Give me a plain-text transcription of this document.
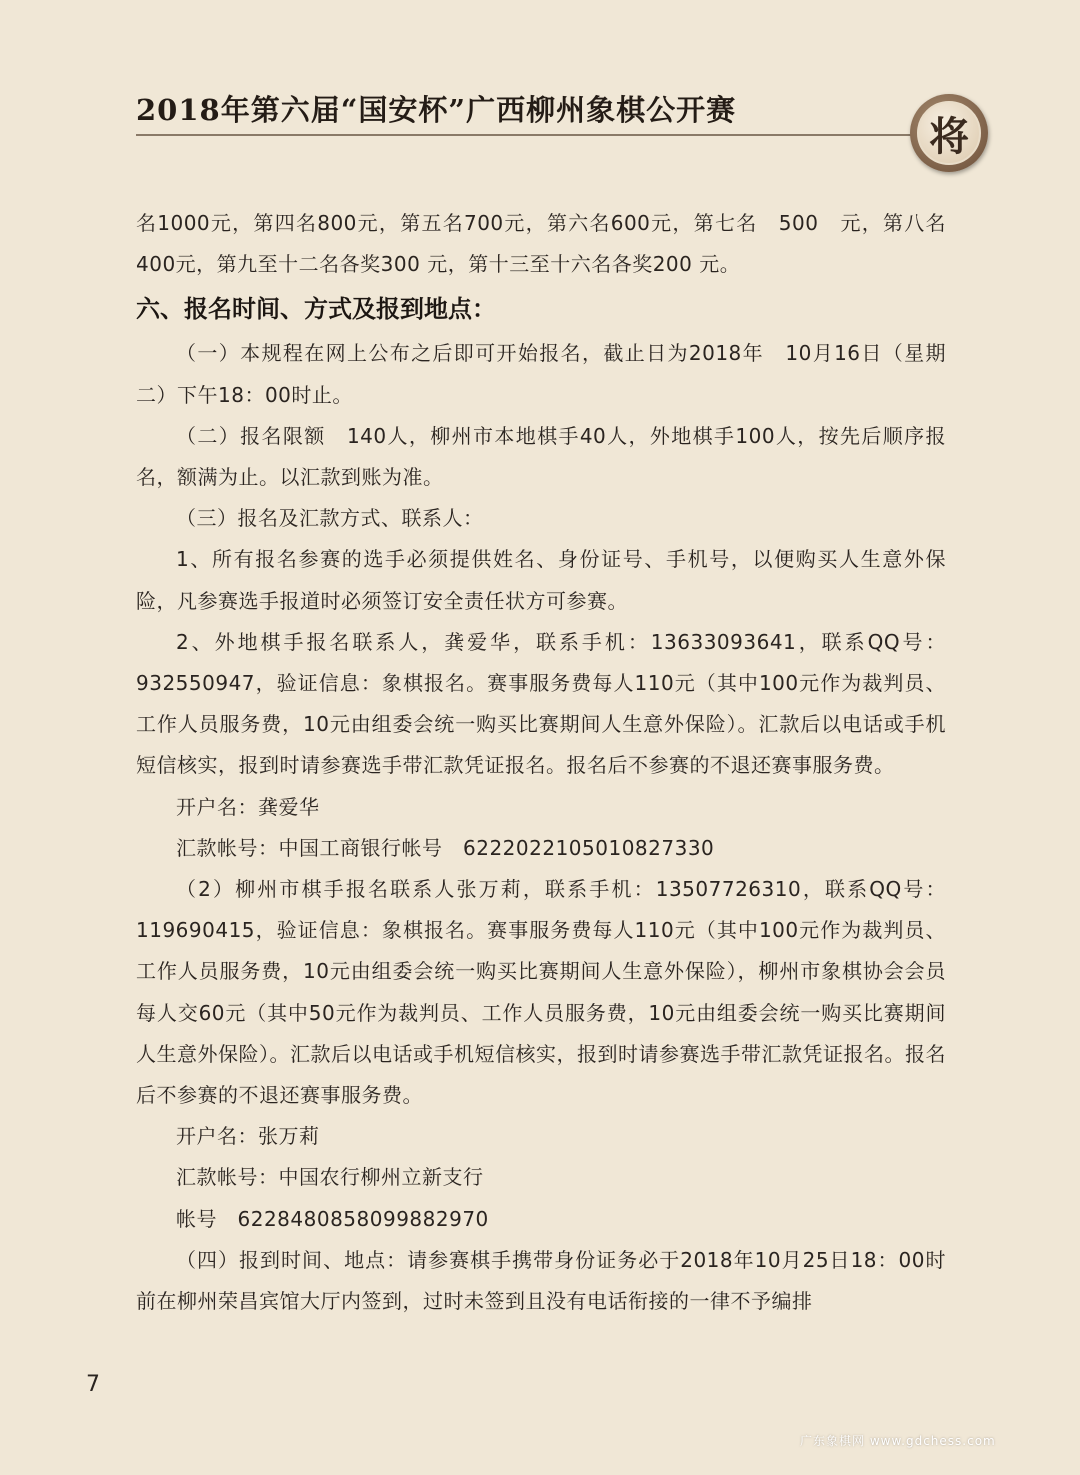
2018年第六届“国安杯”广西柳州象棋公开赛
将

名1000元，第四名800元，第五名700元，第六名600元，第七名　500　元，第八名400元，第九至十二名各奖300 元，第十三至十六名各奖200 元。

六、报名时间、方式及报到地点：

（一）本规程在网上公布之后即可开始报名，截止日为2018年　10月16日（星期二）下午18：00时止。

（二）报名限额　140人，柳州市本地棋手40人，外地棋手100人，按先后顺序报名，额满为止。以汇款到账为准。

（三）报名及汇款方式、联系人：

1、所有报名参赛的选手必须提供姓名、身份证号、手机号，以便购买人生意外保险，凡参赛选手报道时必须签订安全责任状方可参赛。

2、外地棋手报名联系人，龚爱华，联系手机：13633093641，联系QQ号：932550947，验证信息：象棋报名。赛事服务费每人110元（其中100元作为裁判员、工作人员服务费，10元由组委会统一购买比赛期间人生意外保险）。汇款后以电话或手机短信核实，报到时请参赛选手带汇款凭证报名。报名后不参赛的不退还赛事服务费。

开户名：龚爱华

汇款帐号：中国工商银行帐号　6222022105010827330

（2）柳州市棋手报名联系人张万莉，联系手机：13507726310，联系QQ号：119690415，验证信息：象棋报名。赛事服务费每人110元（其中100元作为裁判员、工作人员服务费，10元由组委会统一购买比赛期间人生意外保险），柳州市象棋协会会员每人交60元（其中50元作为裁判员、工作人员服务费，10元由组委会统一购买比赛期间人生意外保险）。汇款后以电话或手机短信核实，报到时请参赛选手带汇款凭证报名。报名后不参赛的不退还赛事服务费。

开户名：张万莉

汇款帐号：中国农行柳州立新支行

帐号　6228480858099882970

（四）报到时间、地点：请参赛棋手携带身份证务必于2018年10月25日18：00时前在柳州荣昌宾馆大厅内签到，过时未签到且没有电话衔接的一律不予编排

7
广东象棋网 www.gdchess.com
